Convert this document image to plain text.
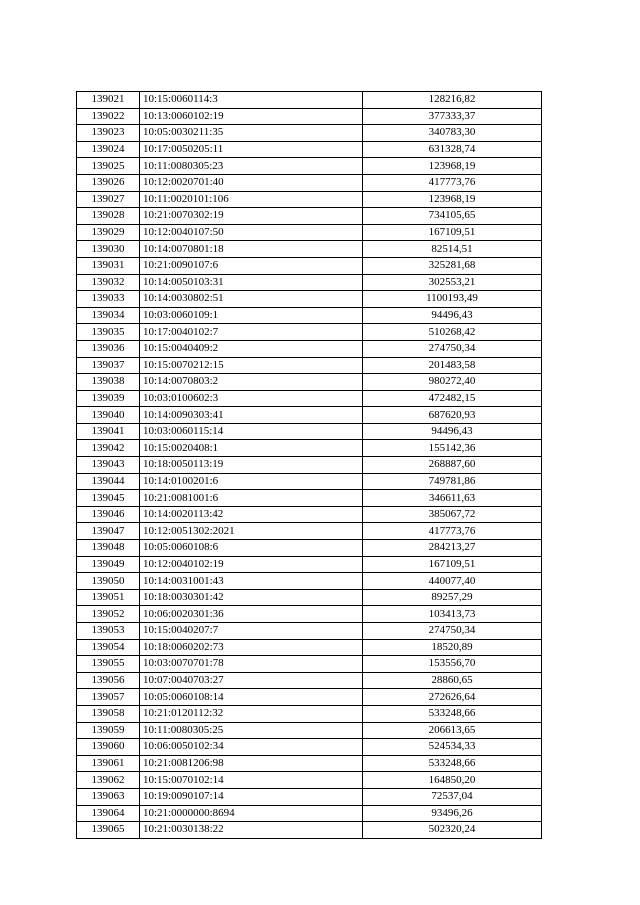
139021	10:15:0060114:3	128216,82
139022	10:13:0060102:19	377333,37
139023	10:05:0030211:35	340783,30
139024	10:17:0050205:11	631328,74
139025	10:11:0080305:23	123968,19
139026	10:12:0020701:40	417773,76
139027	10:11:0020101:106	123968,19
139028	10:21:0070302:19	734105,65
139029	10:12:0040107:50	167109,51
139030	10:14:0070801:18	82514,51
139031	10:21:0090107:6	325281,68
139032	10:14:0050103:31	302553,21
139033	10:14:0030802:51	1100193,49
139034	10:03:0060109:1	94496,43
139035	10:17:0040102:7	510268,42
139036	10:15:0040409:2	274750,34
139037	10:15:0070212:15	201483,58
139038	10:14:0070803:2	980272,40
139039	10:03:0100602:3	472482,15
139040	10:14:0090303:41	687620,93
139041	10:03:0060115:14	94496,43
139042	10:15:0020408:1	155142,36
139043	10:18:0050113:19	268887,60
139044	10:14:0100201:6	749781,86
139045	10:21:0081001:6	346611,63
139046	10:14:0020113:42	385067,72
139047	10:12:0051302:2021	417773,76
139048	10:05:0060108:6	284213,27
139049	10:12:0040102:19	167109,51
139050	10:14:0031001:43	440077,40
139051	10:18:0030301:42	89257,29
139052	10:06:0020301:36	103413,73
139053	10:15:0040207:7	274750,34
139054	10:18:0060202:73	18520,89
139055	10:03:0070701:78	153556,70
139056	10:07:0040703:27	28860,65
139057	10:05:0060108:14	272626,64
139058	10:21:0120112:32	533248,66
139059	10:11:0080305:25	206613,65
139060	10:06:0050102:34	524534,33
139061	10:21:0081206:98	533248,66
139062	10:15:0070102:14	164850,20
139063	10:19:0090107:14	72537,04
139064	10:21:0000000:8694	93496,26
139065	10:21:0030138:22	502320,24
